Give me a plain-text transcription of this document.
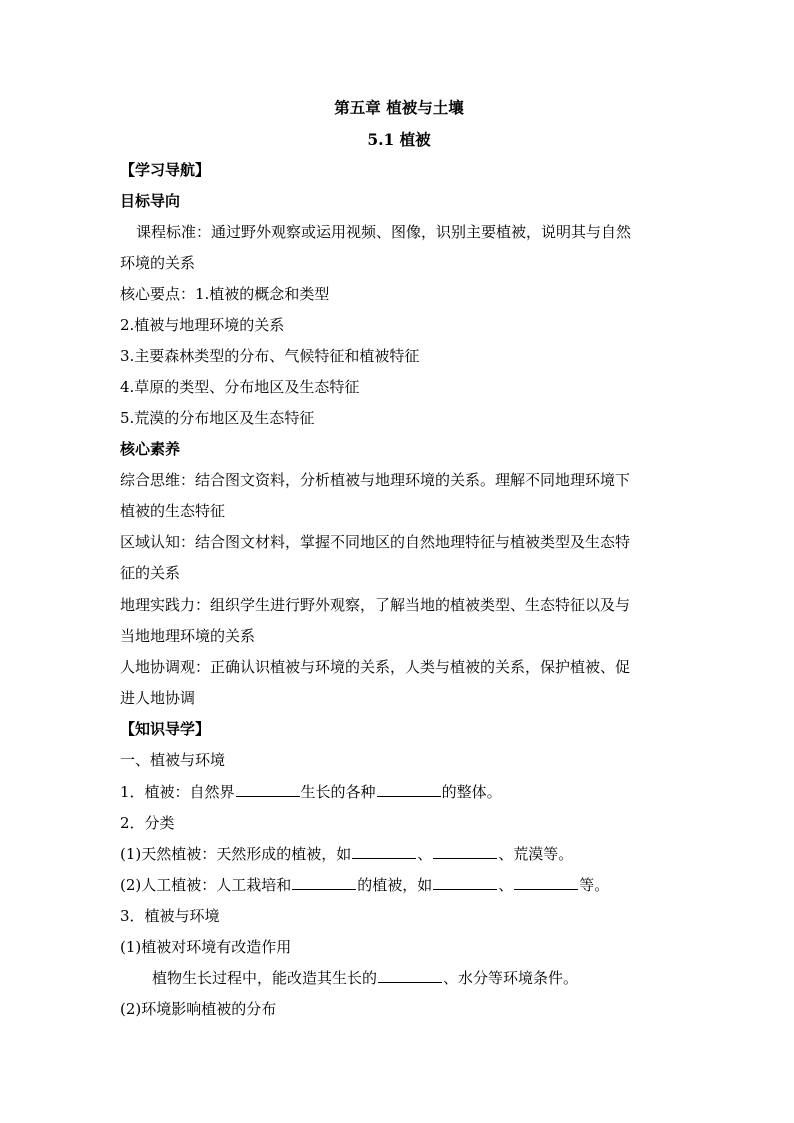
第五章 植被与土壤
5.1 植被
【学习导航】
目标导向
课程标准：通过野外观察或运用视频、图像，识别主要植被，说明其与自然
环境的关系
核心要点：1.植被的概念和类型
2.植被与地理环境的关系
3.主要森林类型的分布、气候特征和植被特征
4.草原的类型、分布地区及生态特征
5.荒漠的分布地区及生态特征
核心素养
综合思维：结合图文资料，分析植被与地理环境的关系。理解不同地理环境下
植被的生态特征
区域认知：结合图文材料，掌握不同地区的自然地理特征与植被类型及生态特
征的关系
地理实践力：组织学生进行野外观察，了解当地的植被类型、生态特征以及与
当地地理环境的关系
人地协调观：正确认识植被与环境的关系，人类与植被的关系，保护植被、促
进人地协调
【知识导学】
一、植被与环境
1．植被：自然界	生长的各种	的整体。
2．分类
(1)天然植被：天然形成的植被，如	、	、荒漠等。
(2)人工植被：人工栽培和	的植被，如	、	等。
3．植被与环境
(1)植被对环境有改造作用
植物生长过程中，能改造其生长的	、水分等环境条件。
(2)环境影响植被的分布
